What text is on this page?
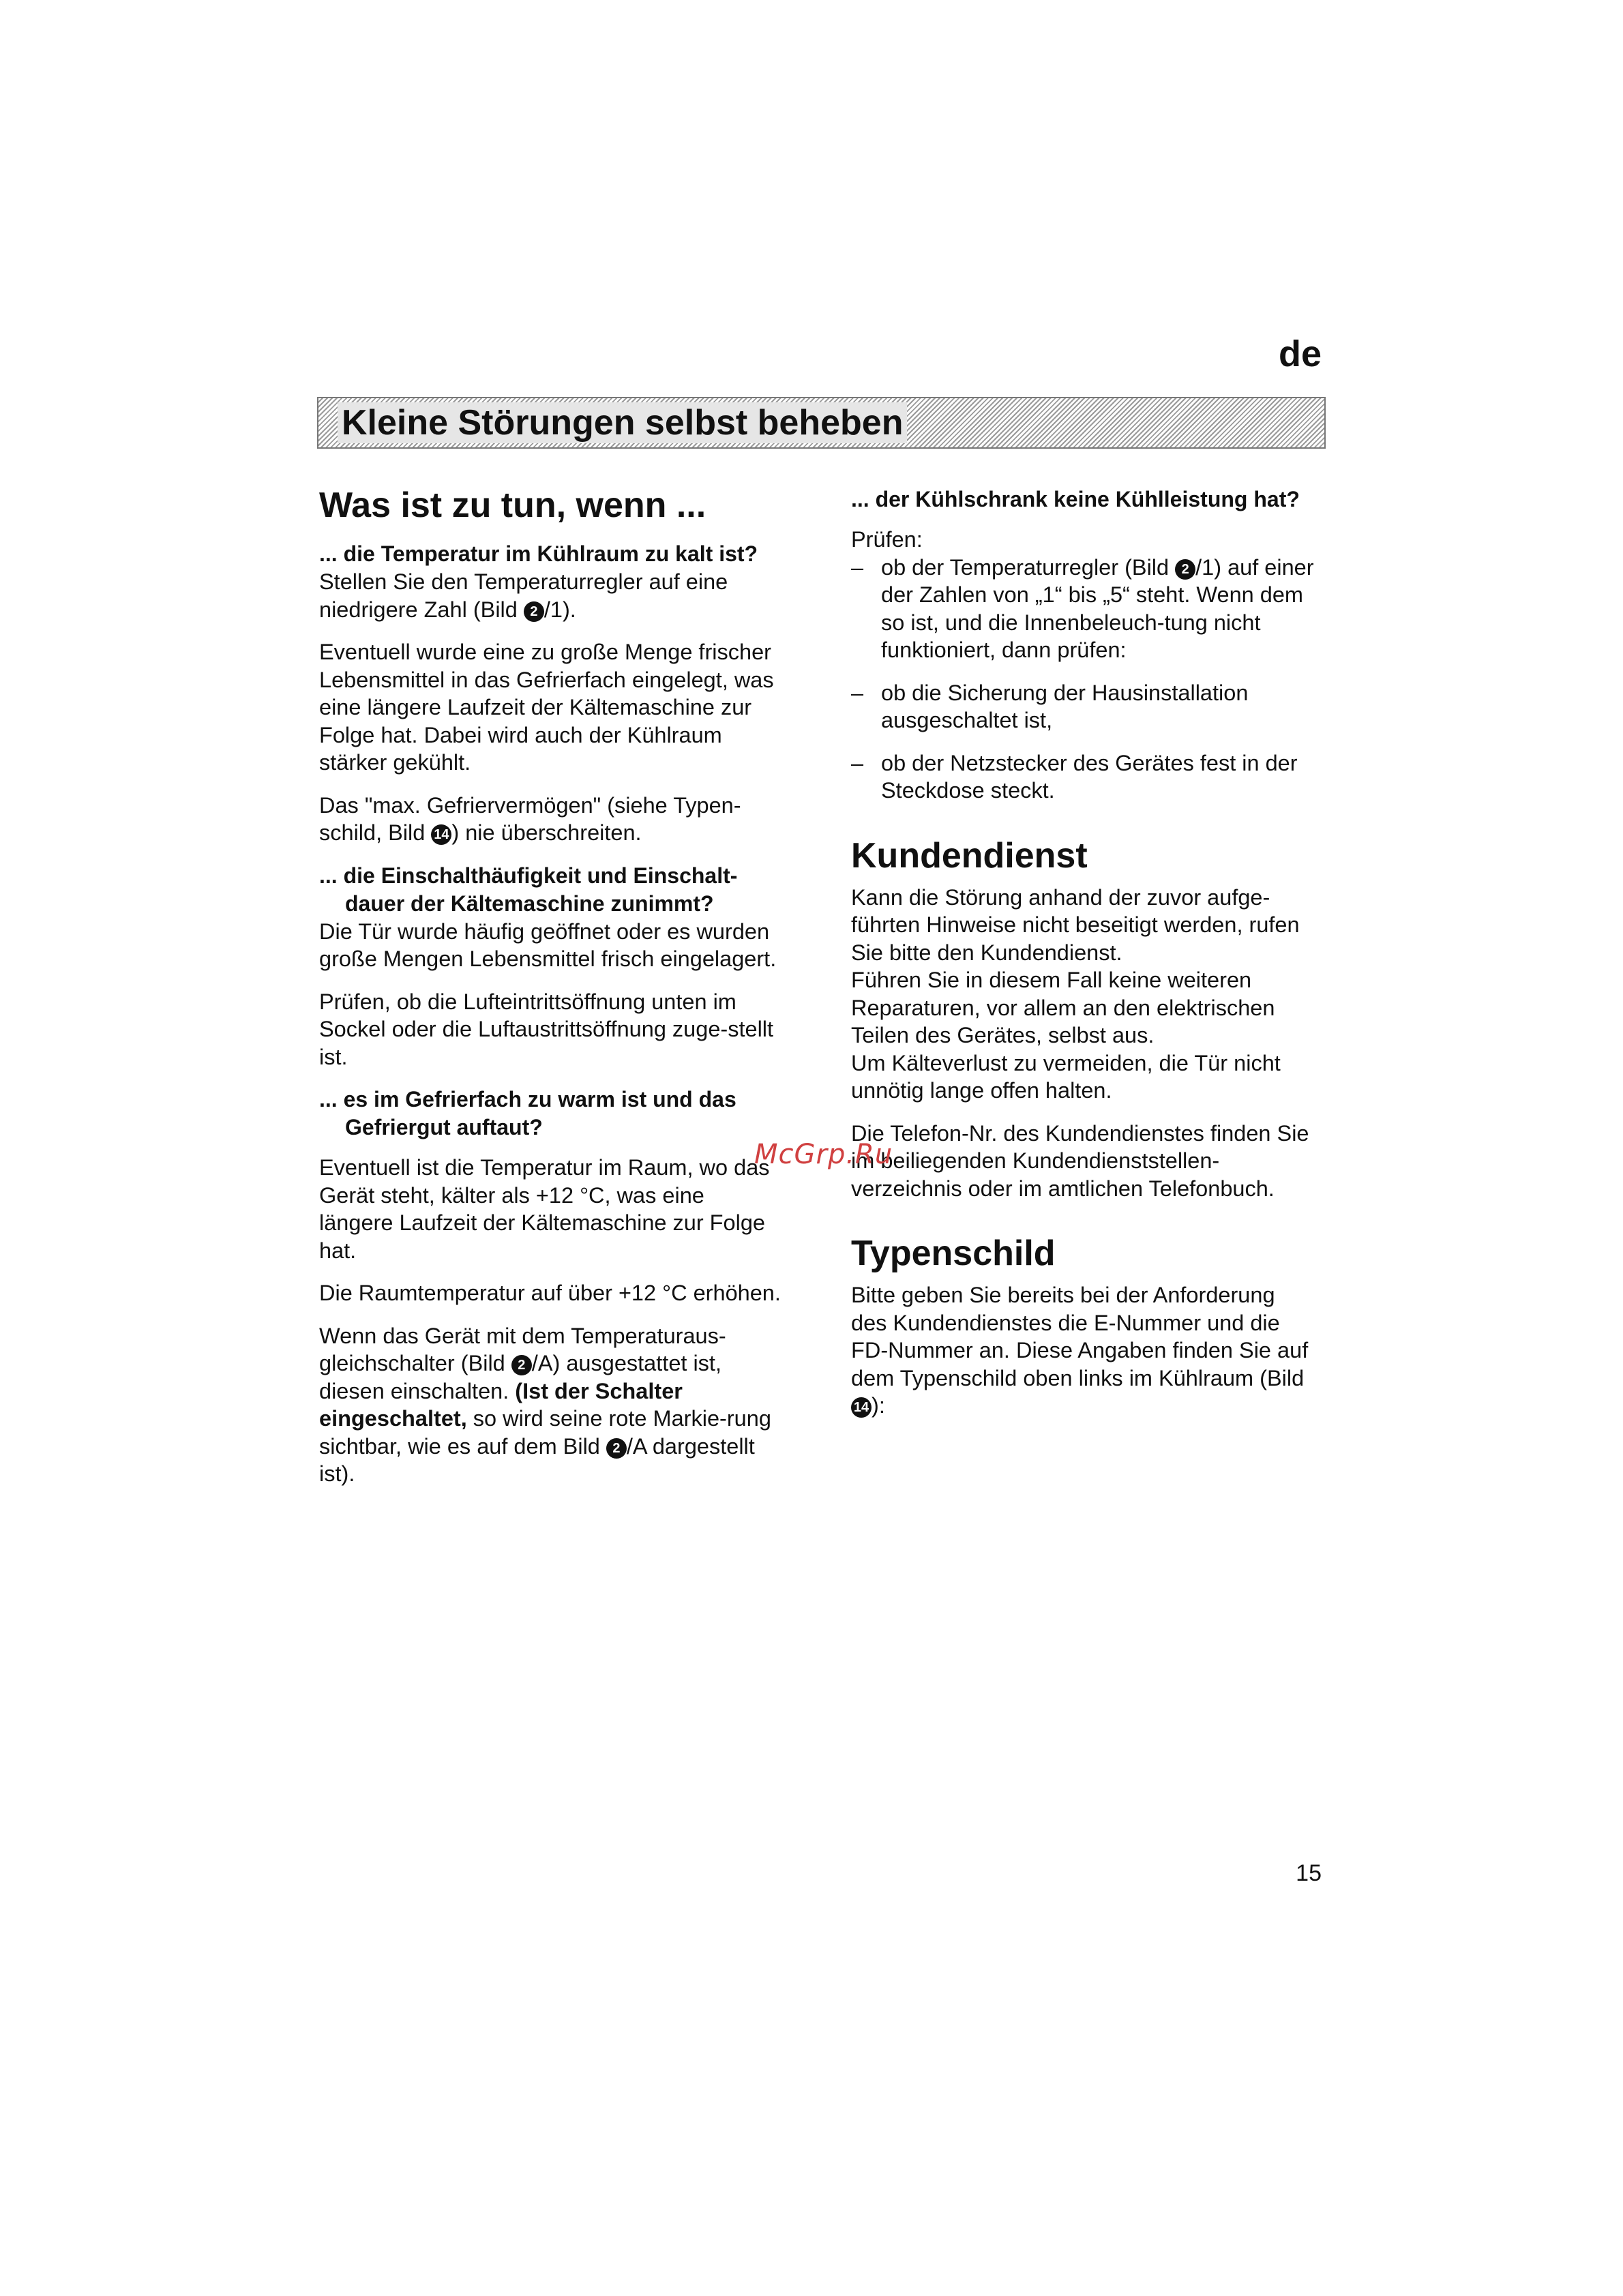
de
Kleine Störungen selbst beheben
Was ist zu tun, wenn ...
... die Temperatur im Kühlraum zu kalt ist?

Stellen Sie den Temperaturregler auf eine niedrigere Zahl (Bild 2 /1).

Eventuell wurde eine zu große Menge frischer Lebensmittel in das Gefrierfach eingelegt, was eine längere Laufzeit der Kältemaschine zur Folge hat. Dabei wird auch der Kühlraum stärker gekühlt.

Das "max. Gefriervermögen" (siehe Typen-schild, Bild 14 ) nie überschreiten.

... die Einschalthäufigkeit und Einschalt-dauer der Kältemaschine zunimmt?

Die Tür wurde häufig geöffnet oder es wurden große Mengen Lebensmittel frisch eingelagert.

Prüfen, ob die Lufteintrittsöffnung unten im Sockel oder die Luftaustrittsöffnung zuge-stellt ist.

... es im Gefrierfach zu warm ist und das Gefriergut auftaut?

Eventuell ist die Temperatur im Raum, wo das Gerät steht, kälter als +12 °C, was eine längere Laufzeit der Kältemaschine zur Folge hat.

Die Raumtemperatur auf über +12 °C erhöhen.

Wenn das Gerät mit dem Temperaturaus-gleichschalter (Bild 2 /A) ausgestattet ist, diesen einschalten. (Ist der Schalter eingeschaltet, so wird seine rote Markie-rung sichtbar, wie es auf dem Bild 2 /A dargestellt ist).

... der Kühlschrank keine Kühlleistung hat?

Prüfen:

– ob der Temperaturregler (Bild 2 /1) auf einer der Zahlen von „1“ bis „5“ steht. Wenn dem so ist, und die Innenbeleuch-tung nicht funktioniert, dann prüfen:
– ob die Sicherung der Hausinstallation ausgeschaltet ist,
– ob der Netzstecker des Gerätes fest in der Steckdose steckt.
Kundendienst

Kann die Störung anhand der zuvor aufge-führten Hinweise nicht beseitigt werden, rufen Sie bitte den Kundendienst.

Führen Sie in diesem Fall keine weiteren Reparaturen, vor allem an den elektrischen Teilen des Gerätes, selbst aus.

Um Kälteverlust zu vermeiden, die Tür nicht unnötig lange offen halten.

Die Telefon-Nr. des Kundendienstes finden Sie im beiliegenden Kundendienststellen-verzeichnis oder im amtlichen Telefonbuch.

Typenschild

Bitte geben Sie bereits bei der Anforderung des Kundendienstes die E-Nummer und die FD-Nummer an. Diese Angaben finden Sie auf dem Typenschild oben links im Kühlraum (Bild 14 ):

McGrp.Ru
15
